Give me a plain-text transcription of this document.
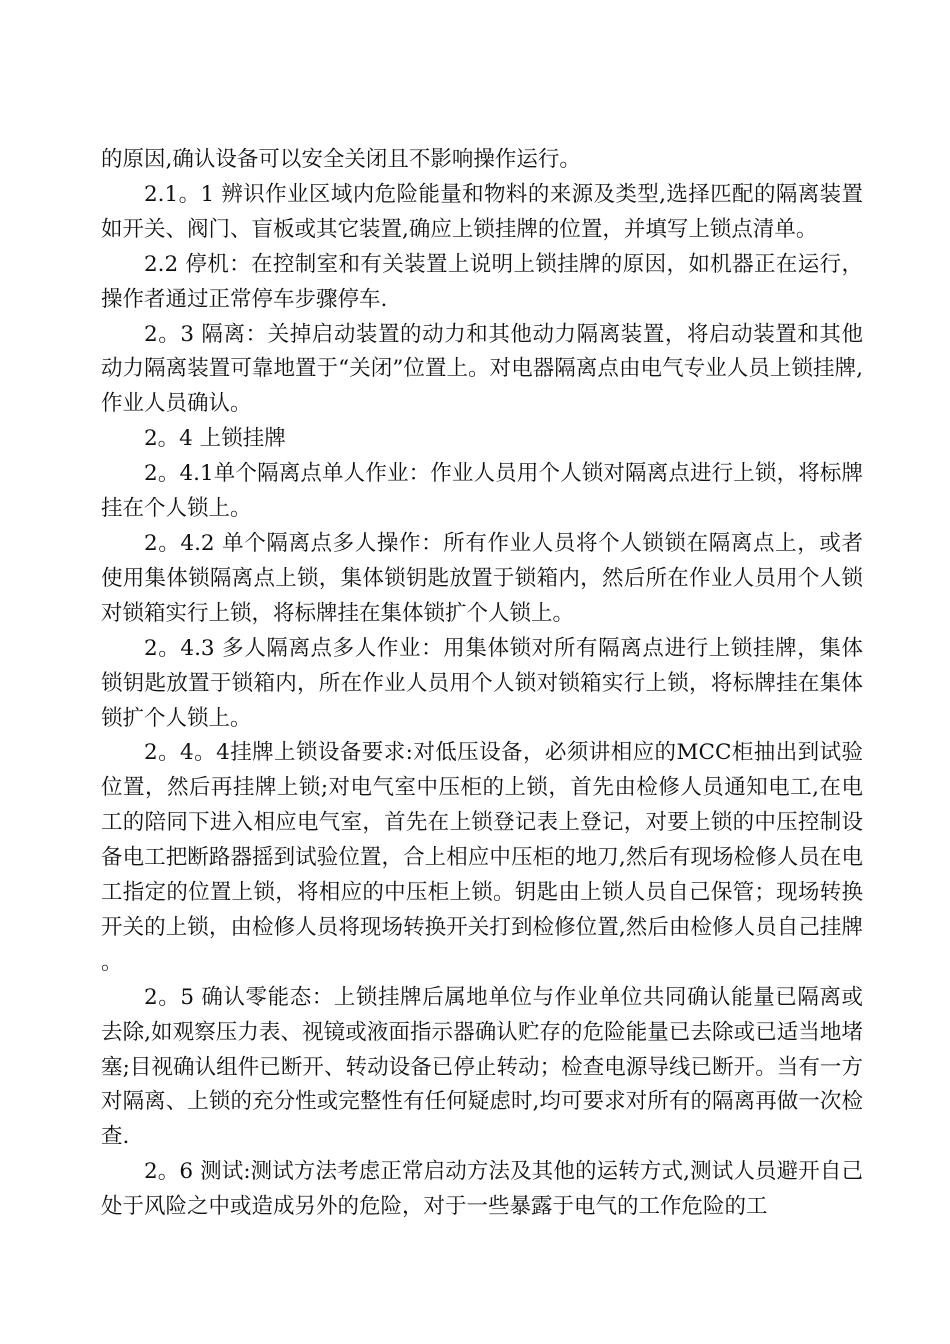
的原因,确认设备可以安全关闭且不影响操作运行。

2.1。1 辨识作业区域内危险能量和物料的来源及类型,选择匹配的隔离装置如开关、阀门、盲板或其它装置,确应上锁挂牌的位置，并填写上锁点清单。

2.2 停机：在控制室和有关装置上说明上锁挂牌的原因，如机器正在运行，操作者通过正常停车步骤停车.

2。3 隔离：关掉启动装置的动力和其他动力隔离装置，将启动装置和其他动力隔离装置可靠地置于“关闭”位置上。对电器隔离点由电气专业人员上锁挂牌,作业人员确认。

2。4 上锁挂牌

2。4.1单个隔离点单人作业：作业人员用个人锁对隔离点进行上锁，将标牌挂在个人锁上。

2。4.2 单个隔离点多人操作：所有作业人员将个人锁锁在隔离点上，或者使用集体锁隔离点上锁，集体锁钥匙放置于锁箱内，然后所在作业人员用个人锁对锁箱实行上锁，将标牌挂在集体锁扩个人锁上。

2。4.3 多人隔离点多人作业：用集体锁对所有隔离点进行上锁挂牌，集体锁钥匙放置于锁箱内，所在作业人员用个人锁对锁箱实行上锁，将标牌挂在集体锁扩个人锁上。

2。4。4挂牌上锁设备要求:对低压设备，必须讲相应的MCC柜抽出到试验位置，然后再挂牌上锁;对电气室中压柜的上锁，首先由检修人员通知电工,在电工的陪同下进入相应电气室，首先在上锁登记表上登记，对要上锁的中压控制设备电工把断路器摇到试验位置，合上相应中压柜的地刀,然后有现场检修人员在电工指定的位置上锁，将相应的中压柜上锁。钥匙由上锁人员自己保管；现场转换开关的上锁，由检修人员将现场转换开关打到检修位置,然后由检修人员自己挂牌。

2。5 确认零能态：上锁挂牌后属地单位与作业单位共同确认能量已隔离或去除,如观察压力表、视镜或液面指示器确认贮存的危险能量已去除或已适当地堵塞;目视确认组件已断开、转动设备已停止转动；检查电源导线已断开。当有一方对隔离、上锁的充分性或完整性有任何疑虑时,均可要求对所有的隔离再做一次检查.

2。6 测试:测试方法考虑正常启动方法及其他的运转方式,测试人员避开自己处于风险之中或造成另外的危险，对于一些暴露于电气的工作危险的工
